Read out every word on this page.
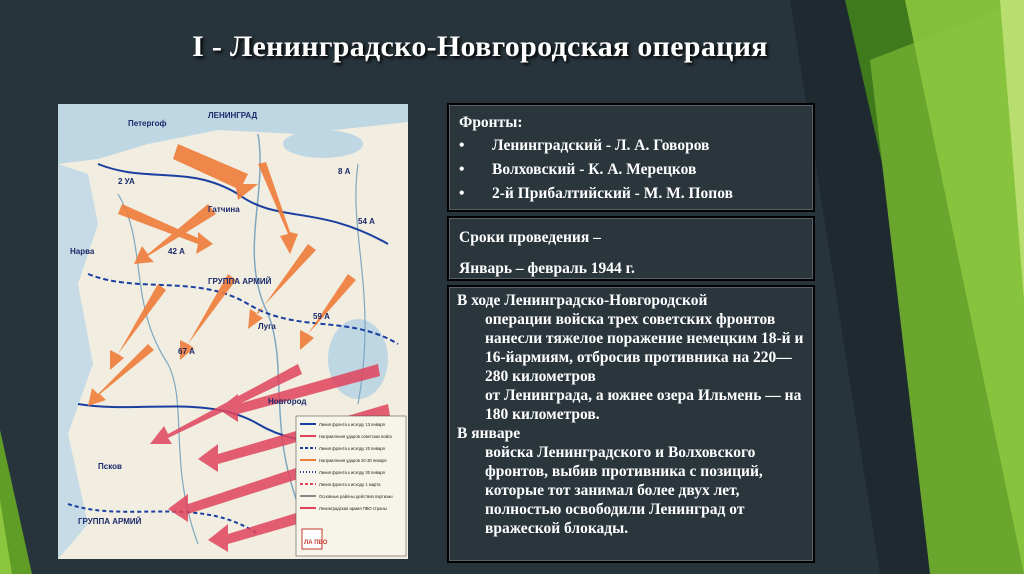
I - Ленинградско-Новгородская операция
ЛЕНИНГРАД
Петергоф
Гатчина
Нарва
ГРУППА АРМИЙ
Луга
59 А
54 А
8 А
42 А
2 УА
67 А
ГРУППА АРМИЙ
Новгород
Псков
Линия фронта к исходу 13 января
Направления ударов советских войск
Линия фронта к исходу 20 января
Направления ударов 20-30 января
Линия фронта к исходу 30 января
Линия фронта к исходу 1 марта
Основные районы действия партизан
Ленинградская армия ПВО страны
ЛА ПВО
Фронты:
•	Ленинградский - Л. А. Говоров
•	Волховский - К. А. Мерецков
•	2-й Прибалтийский - М. М. Попов
Сроки проведения –
Январь – февраль 1944 г.
В ходе Ленинградско-Новгородской
операции войска трех советских фронтов нанесли тяжелое поражение немецким 18-й и 16-йармиям, отбросив противника на 220—280 километров
от Ленинграда, а южнее озера Ильмень — на 180 километров.
В январе
войска Ленинградского и Волховского фронтов, выбив противника с позиций, которые тот занимал более двух лет, полностью освободили Ленинград от вражеской блокады.
